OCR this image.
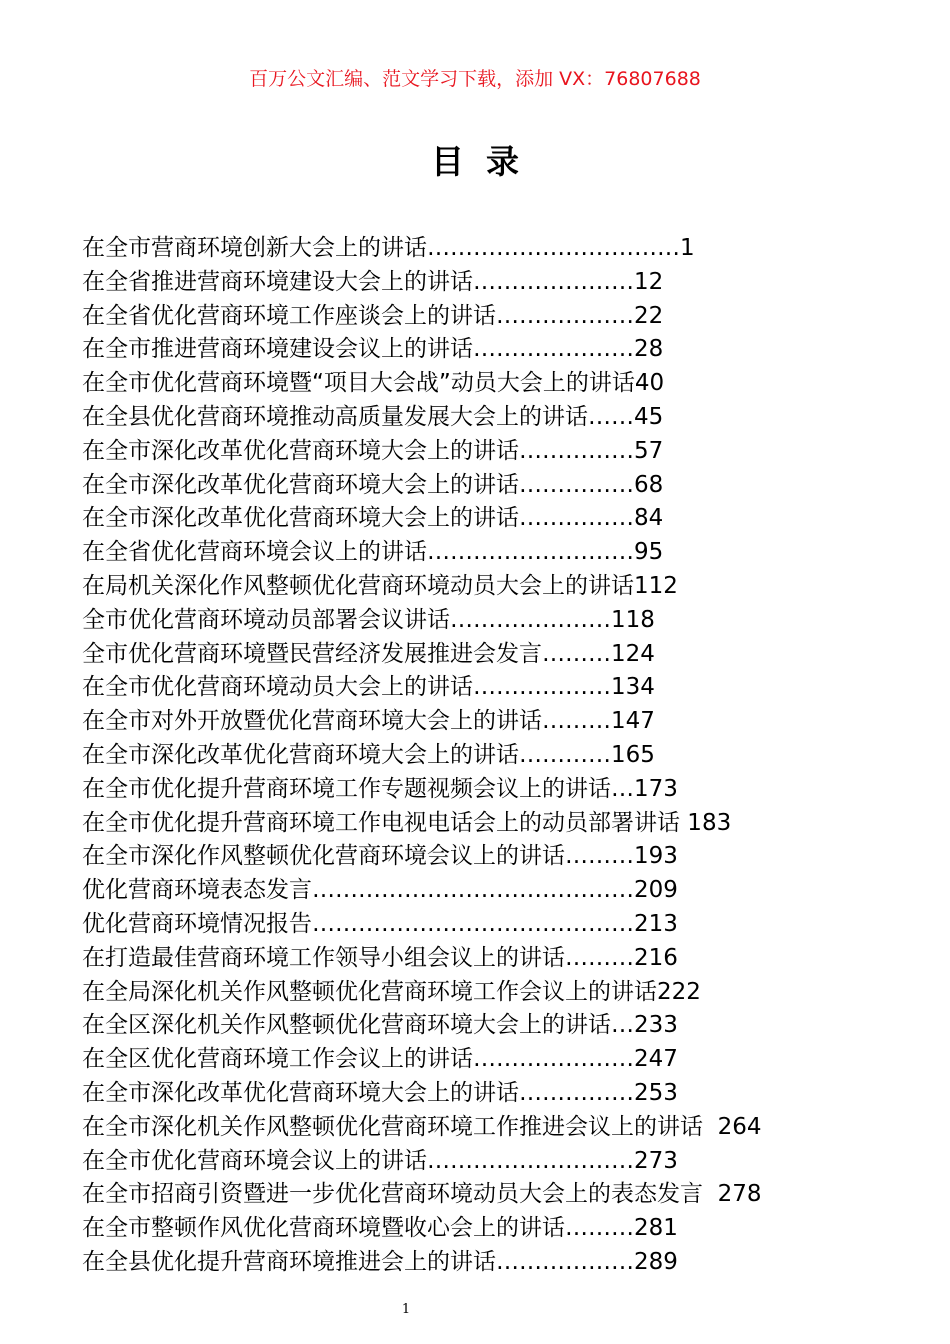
百万公文汇编、范文学习下载，添加 VX：76807688
目录
在全市营商环境创新大会上的讲话……………………………1
在全省推进营商环境建设大会上的讲话…………………12
在全省优化营商环境工作座谈会上的讲话………………22
在全市推进营商环境建设会议上的讲话…………………28
在全市优化营商环境暨“项目大会战”动员大会上的讲话40
在全县优化营商环境推动高质量发展大会上的讲话……45
在全市深化改革优化营商环境大会上的讲话……………57
在全市深化改革优化营商环境大会上的讲话……………68
在全市深化改革优化营商环境大会上的讲话……………84
在全省优化营商环境会议上的讲话………………………95
在局机关深化作风整顿优化营商环境动员大会上的讲话112
全市优化营商环境动员部署会议讲话…………………118
全市优化营商环境暨民营经济发展推进会发言………124
在全市优化营商环境动员大会上的讲话………………134
在全市对外开放暨优化营商环境大会上的讲话………147
在全市深化改革优化营商环境大会上的讲话…………165
在全市优化提升营商环境工作专题视频会议上的讲话…173
在全市优化提升营商环境工作电视电话会上的动员部署讲话 183
在全市深化作风整顿优化营商环境会议上的讲话………193
优化营商环境表态发言……………………………………209
优化营商环境情况报告……………………………………213
在打造最佳营商环境工作领导小组会议上的讲话………216
在全局深化机关作风整顿优化营商环境工作会议上的讲话222
在全区深化机关作风整顿优化营商环境大会上的讲话…233
在全区优化营商环境工作会议上的讲话…………………247
在全市深化改革优化营商环境大会上的讲话……………253
在全市深化机关作风整顿优化营商环境工作推进会议上的讲话  264
在全市优化营商环境会议上的讲话………………………273
在全市招商引资暨进一步优化营商环境动员大会上的表态发言  278
在全市整顿作风优化营商环境暨收心会上的讲话………281
在全县优化提升营商环境推进会上的讲话………………289
1
